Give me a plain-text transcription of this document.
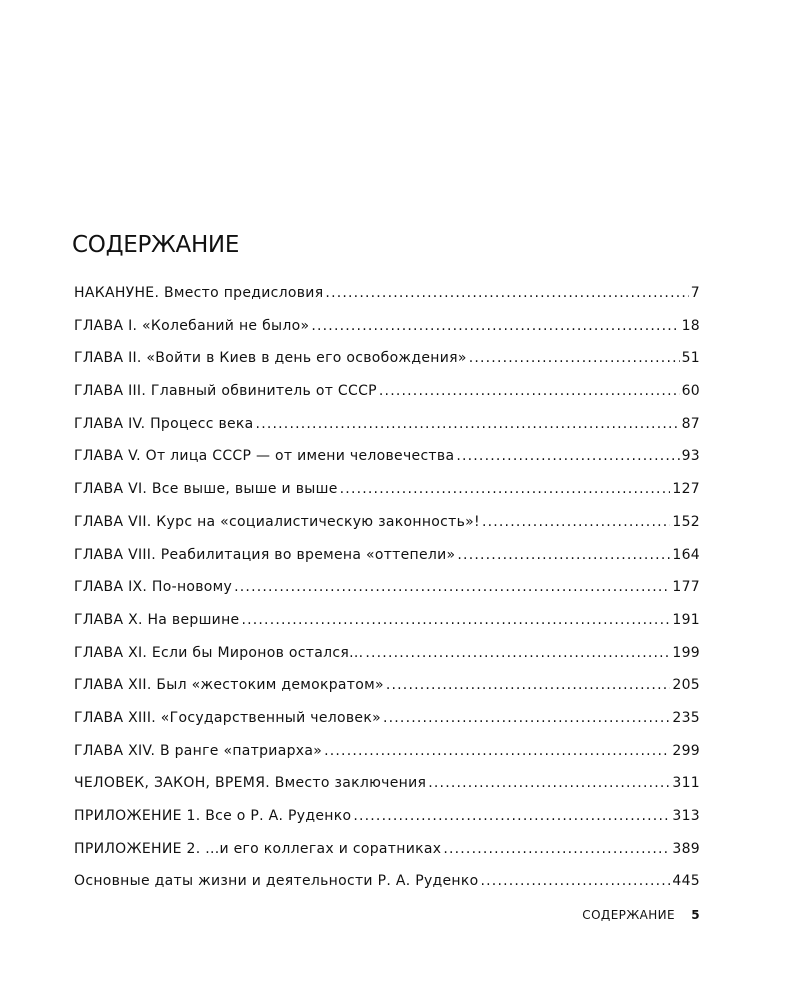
СОДЕРЖАНИЕ
НАКАНУНЕ. Вместо предисловия .....	7
ГЛАВА I. «Колебаний не было» .....	18
ГЛАВА II. «Войти в Киев в день его освобождения» .....	51
ГЛАВА III. Главный обвинитель от СССР .....	60
ГЛАВА IV. Процесс века .....	87
ГЛАВА V. От лица СССР — от имени человечества .....	93
ГЛАВА VI. Все выше, выше и выше .....	127
ГЛАВА VII. Курс на «социалистическую законность»! .....	152
ГЛАВА VIII. Реабилитация во времена «оттепели» .....	164
ГЛАВА IX. По-новому .....	177
ГЛАВА X. На вершине .....	191
ГЛАВА XI. Если бы Миронов остался... .....	199
ГЛАВА XII. Был «жестоким демократом» .....	205
ГЛАВА XIII. «Государственный человек» .....	235
ГЛАВА XIV. В ранге «патриарха» .....	299
ЧЕЛОВЕК, ЗАКОН, ВРЕМЯ. Вместо заключения .....	311
ПРИЛОЖЕНИЕ 1. Все о Р. А. Руденко .....	313
ПРИЛОЖЕНИЕ 2. ...и его коллегах и соратниках .....	389
Основные даты жизни и деятельности Р. А. Руденко .....	445
СОДЕРЖАНИЕ 5
